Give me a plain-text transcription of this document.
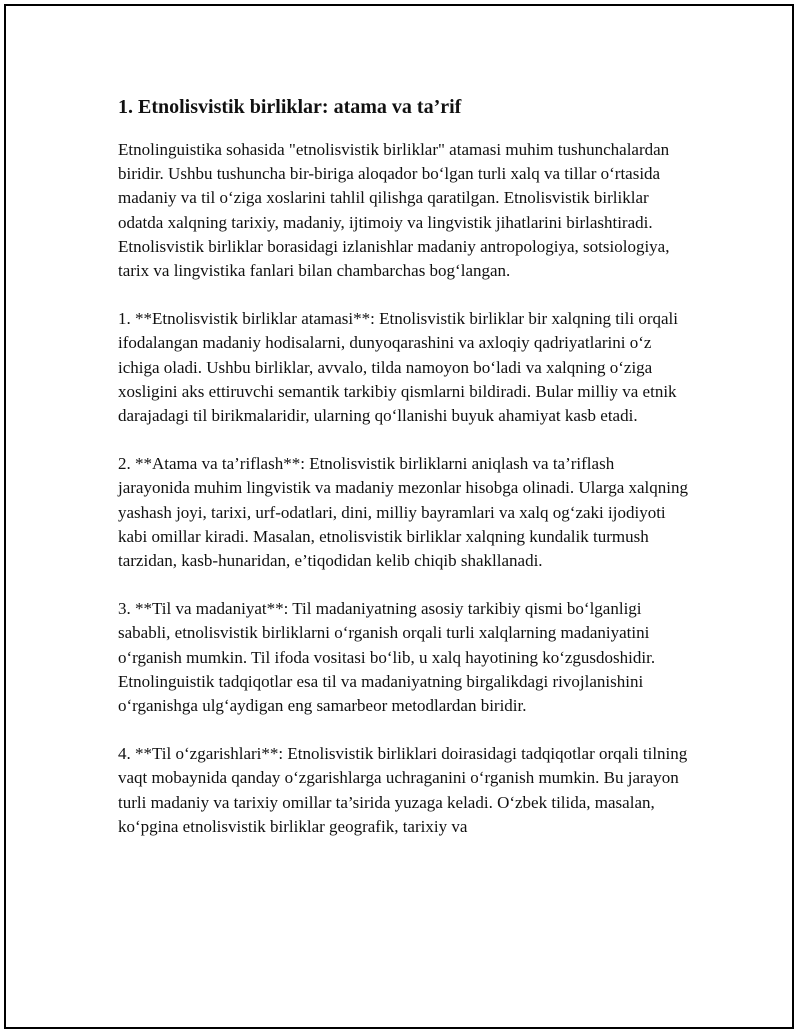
1. Etnolisvistik birliklar: atama va ta’rif

Etnolinguistika sohasida "etnolisvistik birliklar" atamasi muhim tushunchalardan biridir. Ushbu tushuncha bir-biriga aloqador bo‘lgan turli xalq va tillar o‘rtasida madaniy va til o‘ziga xoslarini tahlil qilishga qaratilgan. Etnolisvistik birliklar odatda xalqning tarixiy, madaniy, ijtimoiy va lingvistik jihatlarini birlashtiradi. Etnolisvistik birliklar borasidagi izlanishlar madaniy antropologiya, sotsiologiya, tarix va lingvistika fanlari bilan chambarchas bog‘langan.

1. **Etnolisvistik birliklar atamasi**: Etnolisvistik birliklar bir xalqning tili orqali ifodalangan madaniy hodisalarni, dunyoqarashini va axloqiy qadriyatlarini o‘z ichiga oladi. Ushbu birliklar, avvalo, tilda namoyon bo‘ladi va xalqning o‘ziga xosligini aks ettiruvchi semantik tarkibiy qismlarni bildiradi. Bular milliy va etnik darajadagi til birikmalaridir, ularning qo‘llanishi buyuk ahamiyat kasb etadi.

2. **Atama va ta’riflash**: Etnolisvistik birliklarni aniqlash va ta’riflash jarayonida muhim lingvistik va madaniy mezonlar hisobga olinadi. Ularga xalqning yashash joyi, tarixi, urf-odatlari, dini, milliy bayramlari va xalq og‘zaki ijodiyoti kabi omillar kiradi. Masalan, etnolisvistik birliklar xalqning kundalik turmush tarzidan, kasb-hunaridan, e’tiqodidan kelib chiqib shakllanadi.

3. **Til va madaniyat**: Til madaniyatning asosiy tarkibiy qismi bo‘lganligi sababli, etnolisvistik birliklarni o‘rganish orqali turli xalqlarning madaniyatini o‘rganish mumkin. Til ifoda vositasi bo‘lib, u xalq hayotining ko‘zgusdoshidir. Etnolinguistik tadqiqotlar esa til va madaniyatning birgalikdagi rivojlanishini o‘rganishga ulg‘aydigan eng samarbeor metodlardan biridir.

4. **Til o‘zgarishlari**: Etnolisvistik birliklari doirasidagi tadqiqotlar orqali tilning vaqt mobaynida qanday o‘zgarishlarga uchraganini o‘rganish mumkin. Bu jarayon turli madaniy va tarixiy omillar ta’sirida yuzaga keladi. O‘zbek tilida, masalan, ko‘pgina etnolisvistik birliklar geografik, tarixiy va
